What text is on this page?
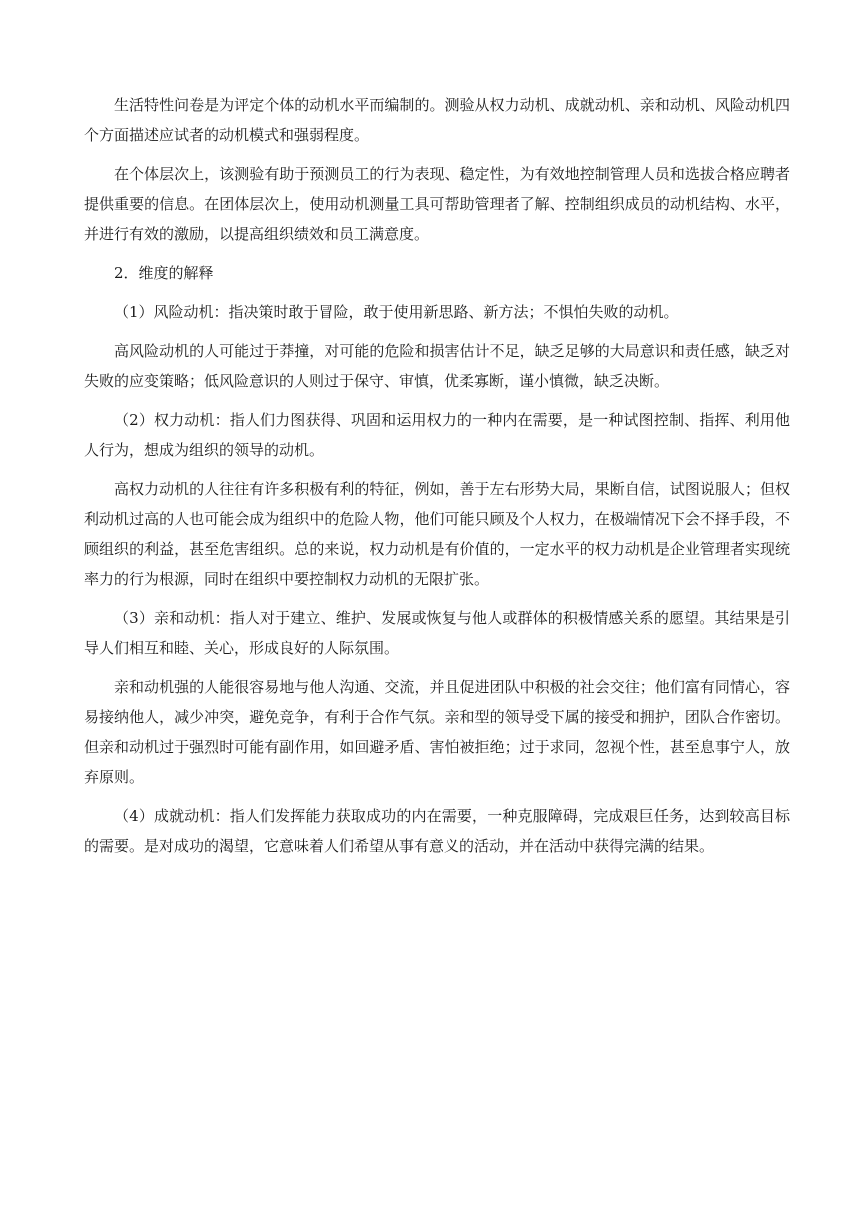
生活特性问卷是为评定个体的动机水平而编制的。测验从权力动机、成就动机、亲和动机、风险动机四个方面描述应试者的动机模式和强弱程度。

在个体层次上，该测验有助于预测员工的行为表现、稳定性，为有效地控制管理人员和选拔合格应聘者提供重要的信息。在团体层次上，使用动机测量工具可帮助管理者了解、控制组织成员的动机结构、水平，并进行有效的激励，以提高组织绩效和员工满意度。

2．维度的解释

（1）风险动机：指决策时敢于冒险，敢于使用新思路、新方法；不惧怕失败的动机。

高风险动机的人可能过于莽撞，对可能的危险和损害估计不足，缺乏足够的大局意识和责任感，缺乏对失败的应变策略；低风险意识的人则过于保守、审慎，优柔寡断，谨小慎微，缺乏决断。

（2）权力动机：指人们力图获得、巩固和运用权力的一种内在需要，是一种试图控制、指挥、利用他人行为，想成为组织的领导的动机。

高权力动机的人往往有许多积极有利的特征，例如，善于左右形势大局，果断自信，试图说服人；但权利动机过高的人也可能会成为组织中的危险人物，他们可能只顾及个人权力，在极端情况下会不择手段，不顾组织的利益，甚至危害组织。总的来说，权力动机是有价值的，一定水平的权力动机是企业管理者实现统率力的行为根源，同时在组织中要控制权力动机的无限扩张。

（3）亲和动机：指人对于建立、维护、发展或恢复与他人或群体的积极情感关系的愿望。其结果是引导人们相互和睦、关心，形成良好的人际氛围。

亲和动机强的人能很容易地与他人沟通、交流，并且促进团队中积极的社会交往；他们富有同情心，容易接纳他人，减少冲突，避免竞争，有利于合作气氛。亲和型的领导受下属的接受和拥护，团队合作密切。但亲和动机过于强烈时可能有副作用，如回避矛盾、害怕被拒绝；过于求同，忽视个性，甚至息事宁人，放弃原则。

（4）成就动机：指人们发挥能力获取成功的内在需要，一种克服障碍，完成艰巨任务，达到较高目标的需要。是对成功的渴望，它意味着人们希望从事有意义的活动，并在活动中获得完满的结果。
